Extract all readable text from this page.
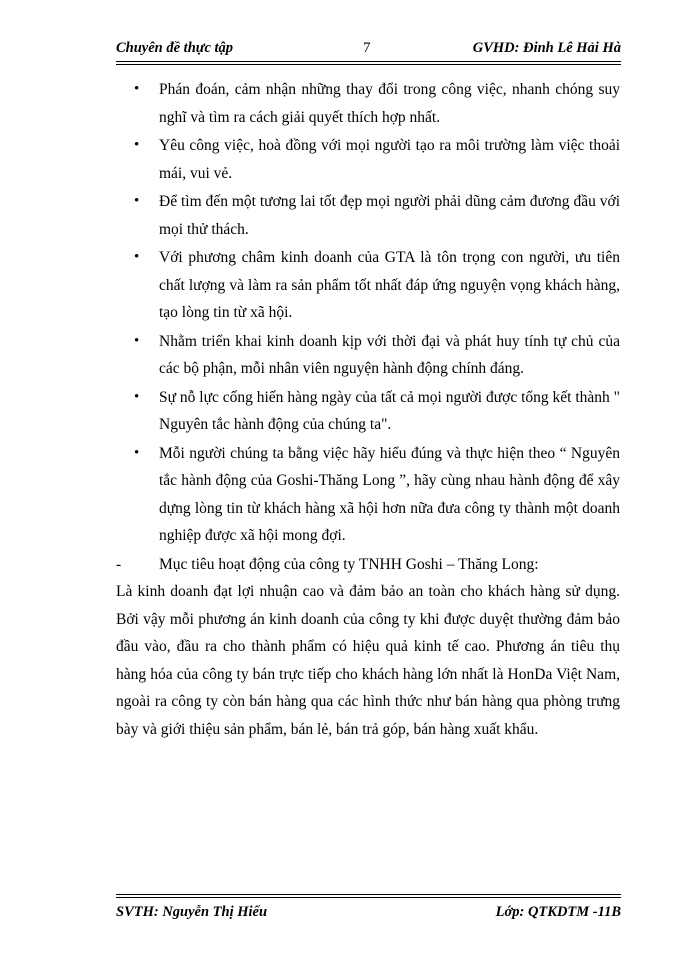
Chuyên đề thực tập	7	GVHD: Đinh Lê Hải Hà
• Phán đoán, cảm nhận những thay đổi trong công việc, nhanh chóng suy nghĩ và tìm ra cách giải quyết thích hợp nhất.
• Yêu công việc, hoà đồng với mọi người tạo ra môi trường làm việc thoải mái, vui vẻ.
• Để tìm đến một tương lai tốt đẹp mọi người phải dũng cảm đương đầu với mọi thử thách.
• Với phương châm kinh doanh của GTA là tôn trọng con người, ưu tiên chất lượng và làm ra sản phẩm tốt nhất đáp ứng nguyện vọng khách hàng, tạo lòng tin từ xã hội.
• Nhằm triển khai kinh doanh kịp với thời đại và phát huy tính tự chủ của các bộ phận, mỗi nhân viên nguyện hành động chính đáng.
• Sự nỗ lực cống hiến hàng ngày của tất cả mọi người được tổng kết thành " Nguyên tắc hành động của chúng ta".
• Mỗi người chúng ta bằng việc hãy hiểu đúng và thực hiện theo “ Nguyên tắc hành động của Goshi-Thăng Long ”, hãy cùng nhau hành động để xây dựng lòng tin từ khách hàng xã hội hơn nữa đưa công ty thành một doanh nghiệp được xã hội mong đợi.
- Mục tiêu hoạt động của công ty TNHH Goshi – Thăng Long:

Là kinh doanh đạt lợi nhuận cao và đảm bảo an toàn cho khách hàng sử dụng. Bởi vậy mỗi phương án kinh doanh của công ty khi được duyệt thường đảm bảo đầu vào, đầu ra cho thành phẩm có hiệu quả kinh tế cao. Phương án tiêu thụ hàng hóa của công ty bán trực tiếp cho khách hàng lớn nhất là HonDa Việt Nam, ngoài ra công ty còn bán hàng qua các hình thức như bán hàng qua phòng trưng bày và giới thiệu sản phẩm, bán lẻ, bán trả góp, bán hàng xuất khẩu.

SVTH: Nguyễn Thị Hiếu	Lớp: QTKDTM -11B
